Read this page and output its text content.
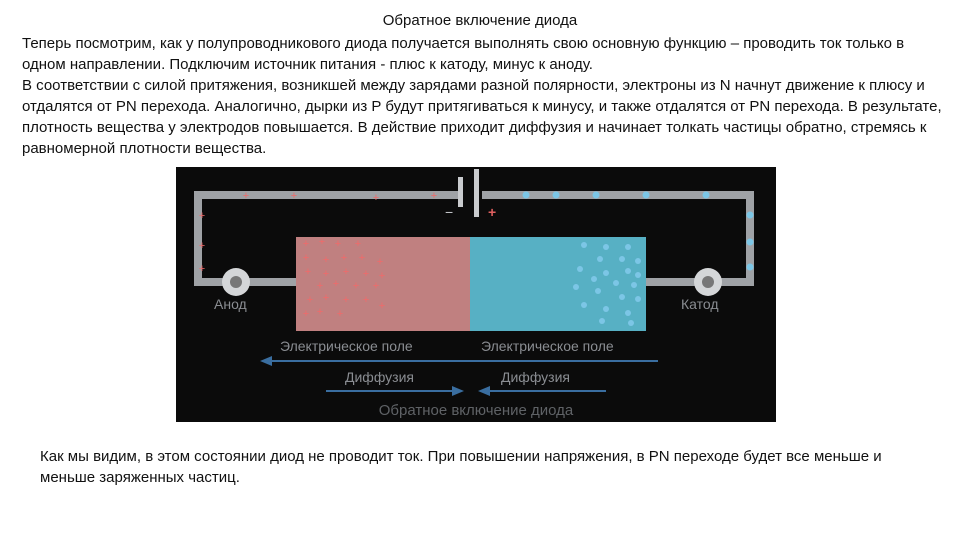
Обратное включение диода

Теперь посмотрим, как у полупроводникового диода получается выполнять свою основную функцию – проводить ток только в одном направлении. Подключим источник питания - плюс к катоду, минус к аноду.

В соответствии с силой притяжения, возникшей между зарядами разной полярности, электроны из N начнут движение к плюсу и отдалятся от PN перехода. Аналогично, дырки из P будут притягиваться к минусу, и также отдалятся от PN перехода. В результате, плотность вещества у электродов повышается. В действие приходит диффузия и начинает толкать частицы обратно, стремясь к равномерной плотности вещества.

− +
+
+
+
+	+	+	+
+ + + +
+ + + + +
+ + + +
+ + + +
+ + + +
+ +
+
+
+
Анод	Катод
Электрическое поле	Электрическое поле
Диффузия	Диффузия
Обратное включение диода

Как мы видим, в этом состоянии диод не проводит ток. При повышении напряжения, в PN переходе будет все меньше и меньше заряженных частиц.
